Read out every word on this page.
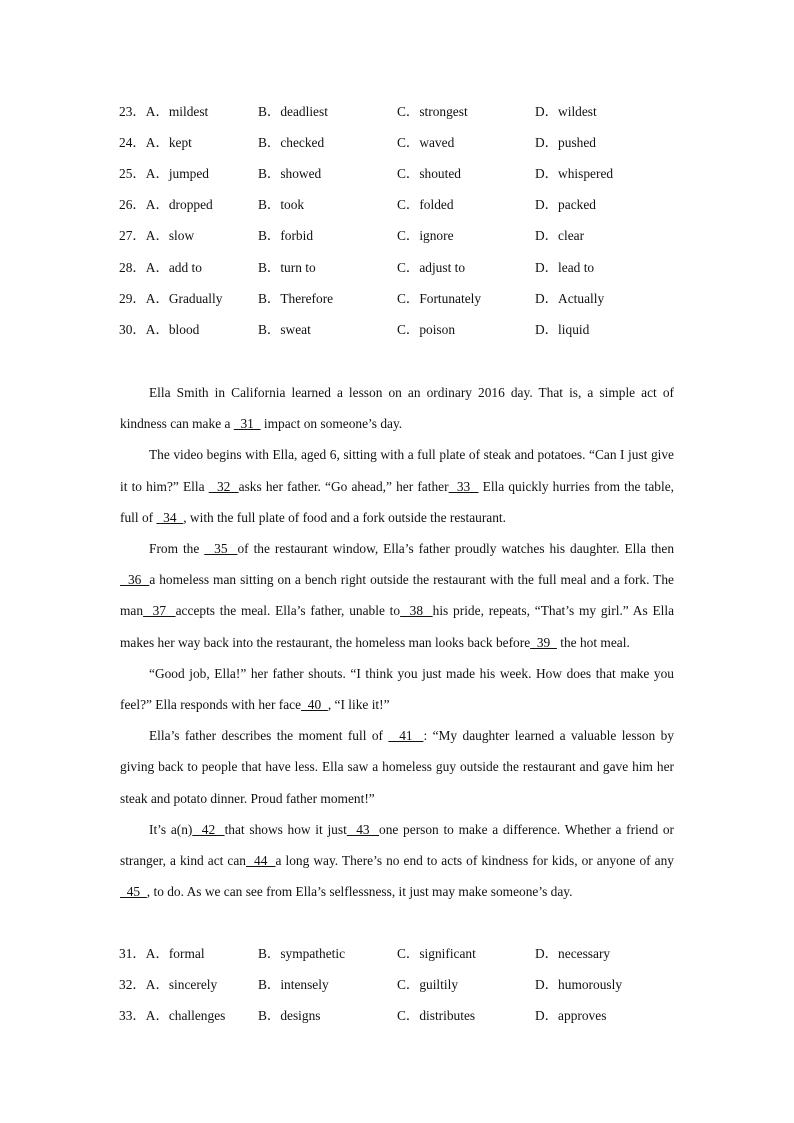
23．A．mildest	B．deadliest	C．strongest	D．wildest
24．A．kept	B．checked	C．waved	D．pushed
25．A．jumped	B．showed	C．shouted	D．whispered
26．A．dropped	B．took	C．folded	D．packed
27．A．slow	B．forbid	C．ignore	D．clear
28．A．add to	B．turn to	C．adjust to	D．lead to
29．A．Gradually	B．Therefore	C．Fortunately	D．Actually
30．A．blood	B．sweat	C．poison	D．liquid

Ella Smith in California learned a lesson on an ordinary 2016 day. That is, a simple act of kindness can make a   31   impact on someone’s day.

The video begins with Ella, aged 6, sitting with a full plate of steak and potatoes. “Can I just give it to him?” Ella   32  asks her father. “Go ahead,” her father  33   Ella quickly hurries from the table, full of   34  , with the full plate of food and a fork outside the restaurant.

From the   35  of the restaurant window, Ella’s father proudly watches his daughter. Ella then   36  a homeless man sitting on a bench right outside the restaurant with the full meal and a fork. The man  37  accepts the meal. Ella’s father, unable to  38  his pride, repeats, “That’s my girl.” As Ella makes her way back into the restaurant, the homeless man looks back before  39   the hot meal.

“Good job, Ella!” her father shouts. “I think you just made his week. How does that make you feel?” Ella responds with her face  40  , “I like it!”

Ella’s father describes the moment full of   41  : “My daughter learned a valuable lesson by giving back to people that have less. Ella saw a homeless guy outside the restaurant and gave him her steak and potato dinner. Proud father moment!”

It’s a(n)  42  that shows how it just  43  one person to make a difference. Whether a friend or stranger, a kind act can  44  a long way. There’s no end to acts of kindness for kids, or anyone of any  45  , to do. As we can see from Ella’s selflessness, it just may make someone’s day.

31．A．formal	B．sympathetic	C．significant	D．necessary
32．A．sincerely	B．intensely	C．guiltily	D．humorously
33．A．challenges B．designs	C．distributes	D．approves
